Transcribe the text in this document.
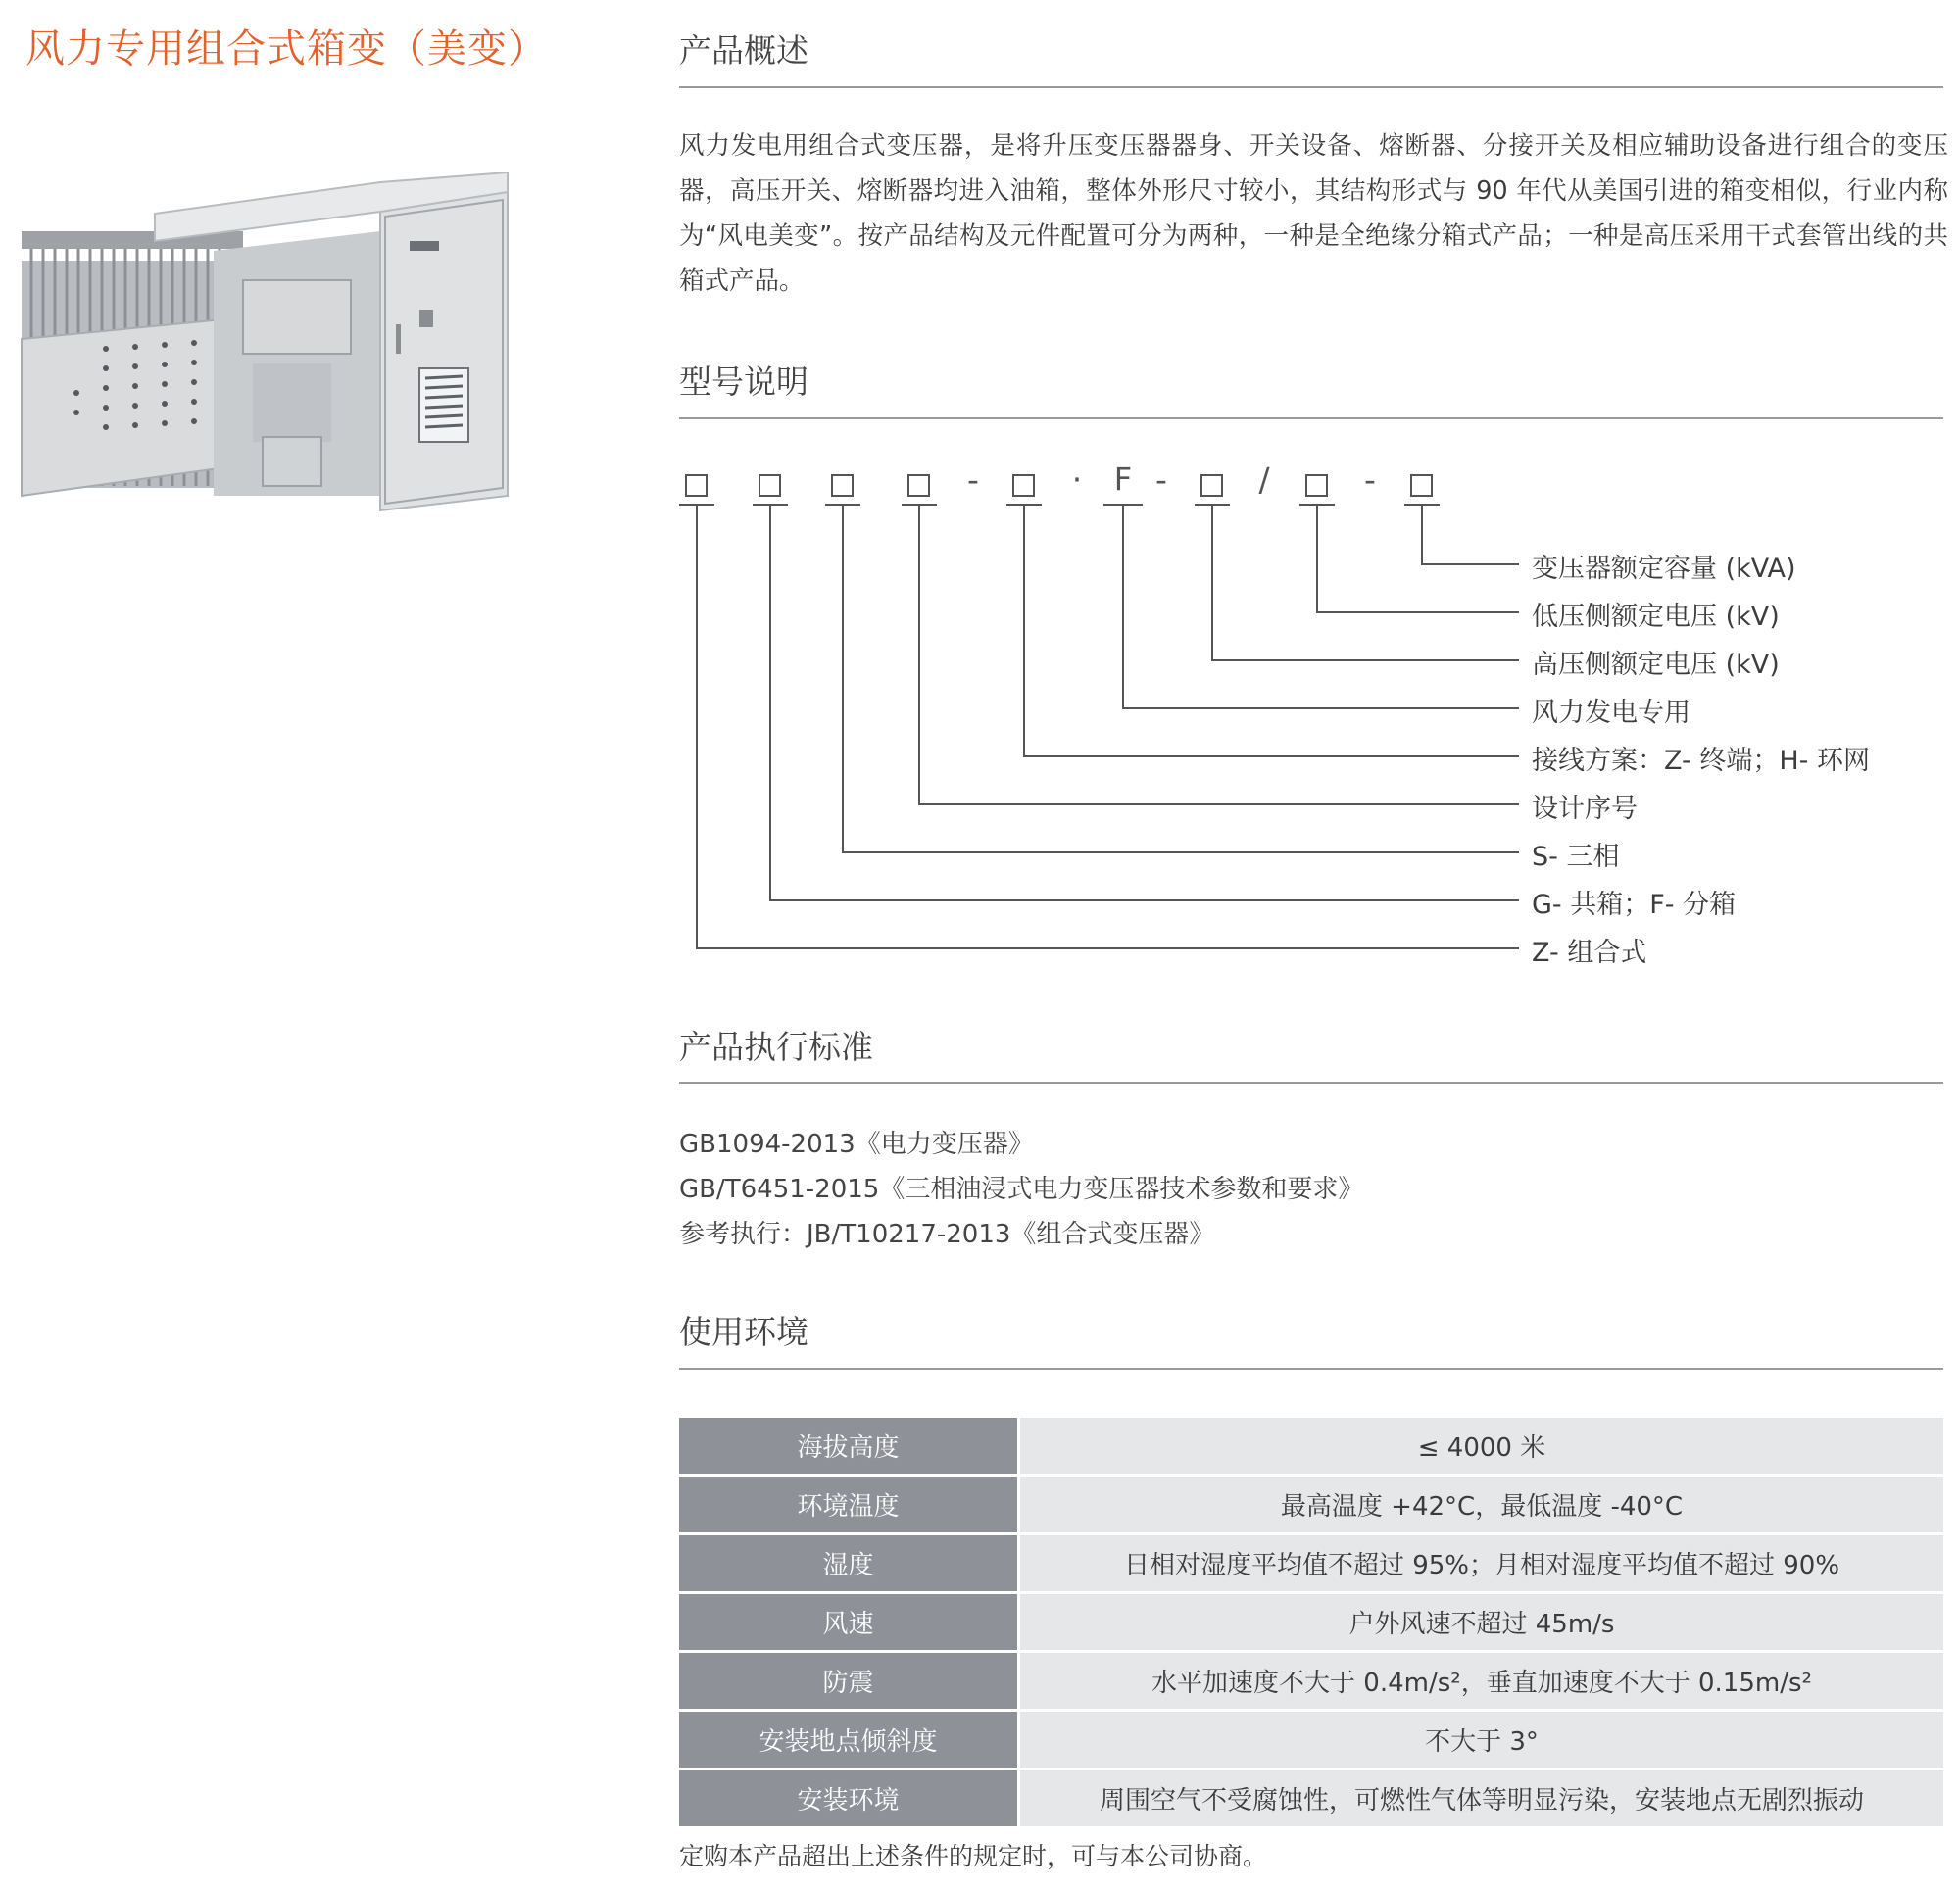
风力专用组合式箱变（美变）	产品概述
风力发电用组合式变压器，是将升压变压器器身、开关设备、熔断器、分接开关及相应辅助设备进行组合的变压器，高压开关、熔断器均进入油箱，整体外形尺寸较小，其结构形式与 90 年代从美国引进的箱变相似，行业内称为“风电美变”。按产品结构及元件配置可分为两种，一种是全绝缘分箱式产品；一种是高压采用干式套管出线的共箱式产品。
型号说明
-	·	F -	/	-
变压器额定容量 (kVA)
低压侧额定电压 (kV)
高压侧额定电压 (kV)
风力发电专用
接线方案：Z- 终端；H- 环网
设计序号
S- 三相
G- 共箱；F- 分箱
Z- 组合式
产品执行标准
GB1094-2013《电力变压器》
GB/T6451-2015《三相油浸式电力变压器技术参数和要求》
参考执行：JB/T10217-2013《组合式变压器》
使用环境
海拔高度	≤ 4000 米
环境温度	最高温度 +42°C，最低温度 -40°C
湿度	日相对湿度平均值不超过 95%；月相对湿度平均值不超过 90%
风速	户外风速不超过 45m/s
防震	水平加速度不大于 0.4m/s²，垂直加速度不大于 0.15m/s²
安装地点倾斜度	不大于 3°
安装环境	周围空气不受腐蚀性，可燃性气体等明显污染，安装地点无剧烈振动
定购本产品超出上述条件的规定时，可与本公司协商。
